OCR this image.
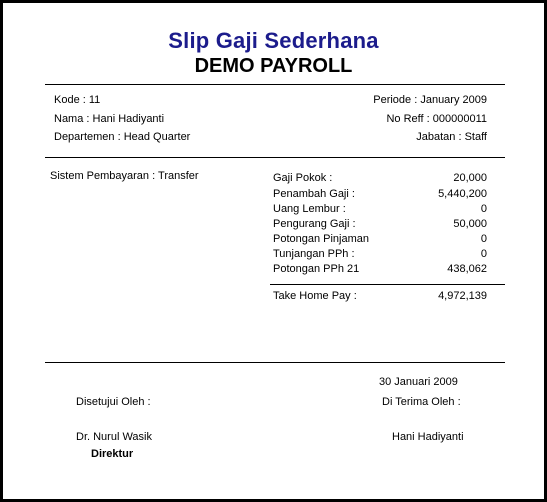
Slip Gaji Sederhana
DEMO PAYROLL
Kode : 11
Nama : Hani Hadiyanti
Departemen : Head Quarter
Periode : January 2009
No Reff : 000000011
Jabatan : Staff
Sistem Pembayaran : Transfer	Gaji Pokok :	20,000
Penambah Gaji :	5,440,200
Uang Lembur :	0
Pengurang Gaji :	50,000
Potongan Pinjaman	0
Tunjangan PPh :	0
Potongan PPh 21	438,062
Take Home Pay :	4,972,139
30 Januari 2009
Disetujui Oleh :	Di Terima Oleh :
Dr. Nurul Wasik	Hani Hadiyanti
Direktur
